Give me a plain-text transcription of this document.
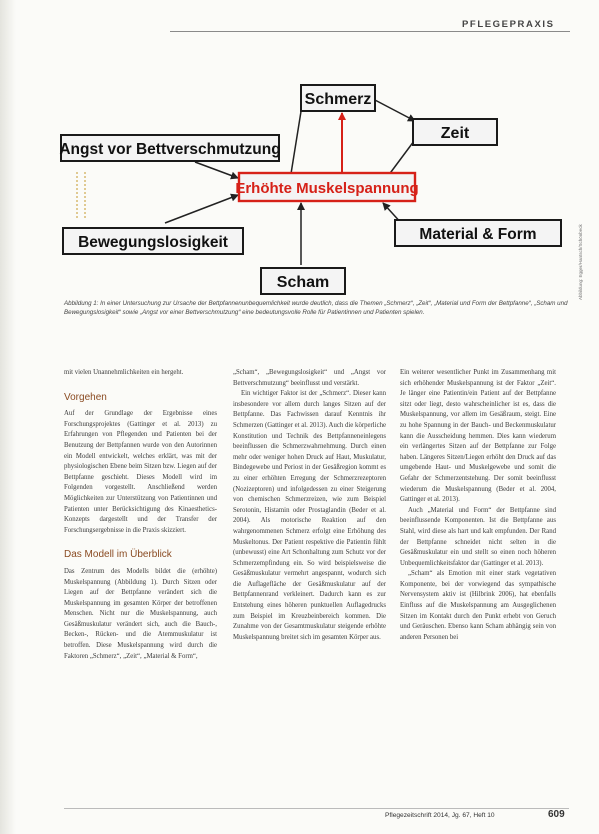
PFLEGEPRAXIS
Schmerz
Zeit
Angst vor Bettverschmutzung
Erhöhte Muskelspannung
Bewegungslosigkeit	Material & Form
Scham	Abbildung: Egger/Hantsch/Schönbeck
Abbildung 1: In einer Untersuchung zur Ursache der Bettpfannenunbequemlichkeit wurde deutlich, dass die Themen „Schmerz“, „Zeit“, „Material und Form der Bettpfanne“, „Scham und Bewegungslosigkeit“ sowie „Angst vor einer Bettverschmutzung“ eine bedeutungsvolle Rolle für Patientinnen und Patienten spielen.

mit vielen Unannehmlichkeiten ein hergeht.

Vorgehen

Auf der Grundlage der Ergebnisse eines Forschungsprojektes (Gattinger et al. 2013) zu Erfahrungen von Pflegenden und Patienten bei der Benutzung der Bettpfannen wurde von den Autorinnen ein Modell entwickelt, welches erklärt, was mit der physiologischen Ebene beim Sitzen bzw. Liegen auf der Bettpfanne geschieht. Dieses Modell wird im Folgenden vorgestellt. Anschließend werden Möglichkeiten zur Unterstützung von Patientinnen und Patienten unter Berücksichtigung des Kinaesthetics-Konzepts dargestellt und der Transfer der Forschungsergebnisse in die Praxis skizziert.

Das Modell im Überblick

Das Zentrum des Modells bildet die (erhöhte) Muskelspannung (Abbildung 1). Durch Sitzen oder Liegen auf der Bettpfanne verändert sich die Muskelspannung im gesamten Körper der betroffenen Menschen. Nicht nur die Muskelspannung, auch Gesäßmuskulatur verändert sich, auch die Bauch-, Becken-, Rücken- und die Atemmuskulatur ist betroffen. Diese Muskelspannung wird durch die Faktoren „Schmerz“, „Zeit“, „Material & Form“,

„Scham“, „Bewegungslosigkeit“ und „Angst vor Bettverschmutzung“ beeinflusst und verstärkt.

Ein wichtiger Faktor ist der „Schmerz“. Dieser kann insbesondere vor allem durch langes Sitzen auf der Bettpfanne. Das Fachwissen darauf Kenntnis ihr Schmerzen (Gattinger et al. 2013). Auch die körperliche Konstitution und Technik des Bettpfanneneinlegens beeinflussen die Schmerzwahrnehmung. Durch einen mehr oder weniger hohen Druck auf Haut, Muskulatur, Bindegewebe und Periost in der Gesäßregion kommt es zu einer erhöhten Erregung der Schmerzrezeptoren (Nozizeptoren) und infolgedessen zu einer Steigerung von chemischen Schmerzreizen, wie zum Beispiel Serotonin, Histamin oder Prostaglandin (Beder et al. 2004). Als motorische Reaktion auf den wahrgenommenen Schmerz erfolgt eine Erhöhung des Muskeltonus. Der Patient respektive die Patientin fühlt (unbewusst) eine Art Schonhaltung zum Schutz vor der Schmerzempfindung ein. So wird beispielsweise die Gesäßmuskulatur vermehrt angespannt, wodurch sich die Auflagefläche der Gesäßmuskulatur auf der Bettpfannenrand verkleinert. Dadurch kann es zur Entstehung eines höheren punktuellen Auflagedrucks zum Beispiel im Kreuzbeinbereich kommen. Die Zunahme von der Gesamtmuskulatur steigende erhöhte Muskelspannung breitet sich im gesamten Körper aus.

Ein weiterer wesentlicher Punkt im Zusammenhang mit sich erhöhender Muskelspannung ist der Faktor „Zeit“. Je länger eine Patientin/ein Patient auf der Bettpfanne sitzt oder liegt, desto wahrscheinlicher ist es, dass die Muskelspannung, vor allem im Gesäßraum, steigt. Eine zu hohe Spannung in der Bauch- und Beckenmuskulatur kann die Ausscheidung hemmen. Dies kann wiederum ein verlängertes Sitzen auf der Bettpfanne zur Folge haben. Längeres Sitzen/Liegen erhöht den Druck auf das umgebende Haut- und Muskelgewebe und somit die Gefahr der Schmerzentstehung. Der somit beeinflusst wiederum die Muskelspannung (Beder et al. 2004, Gattinger et al. 2013).

Auch „Material und Form“ der Bettpfanne sind beeinflussende Komponenten. Ist die Bettpfanne aus Stahl, wird diese als hart und kalt empfunden. Der Rand der Bettpfanne schneidet nicht selten in die Gesäßmuskulatur ein und stellt so einen noch höheren Unbequemlichkeitsfaktor dar (Gattinger et al. 2013).

„Scham“ als Emotion mit einer stark vegetativen Komponente, bei der vorwiegend das sympathische Nervensystem aktiv ist (Hilbrink 2006), hat ebenfalls Einfluss auf die Muskelspannung am Ausgeglichenen Sitzen im Kontakt durch den Punkt erhebt von Geruch und Geräuschen. Ebenso kann Scham abhängig sein von anderen Personen bei

Pflegezeitschrift 2014, Jg. 67, Heft 10	609
